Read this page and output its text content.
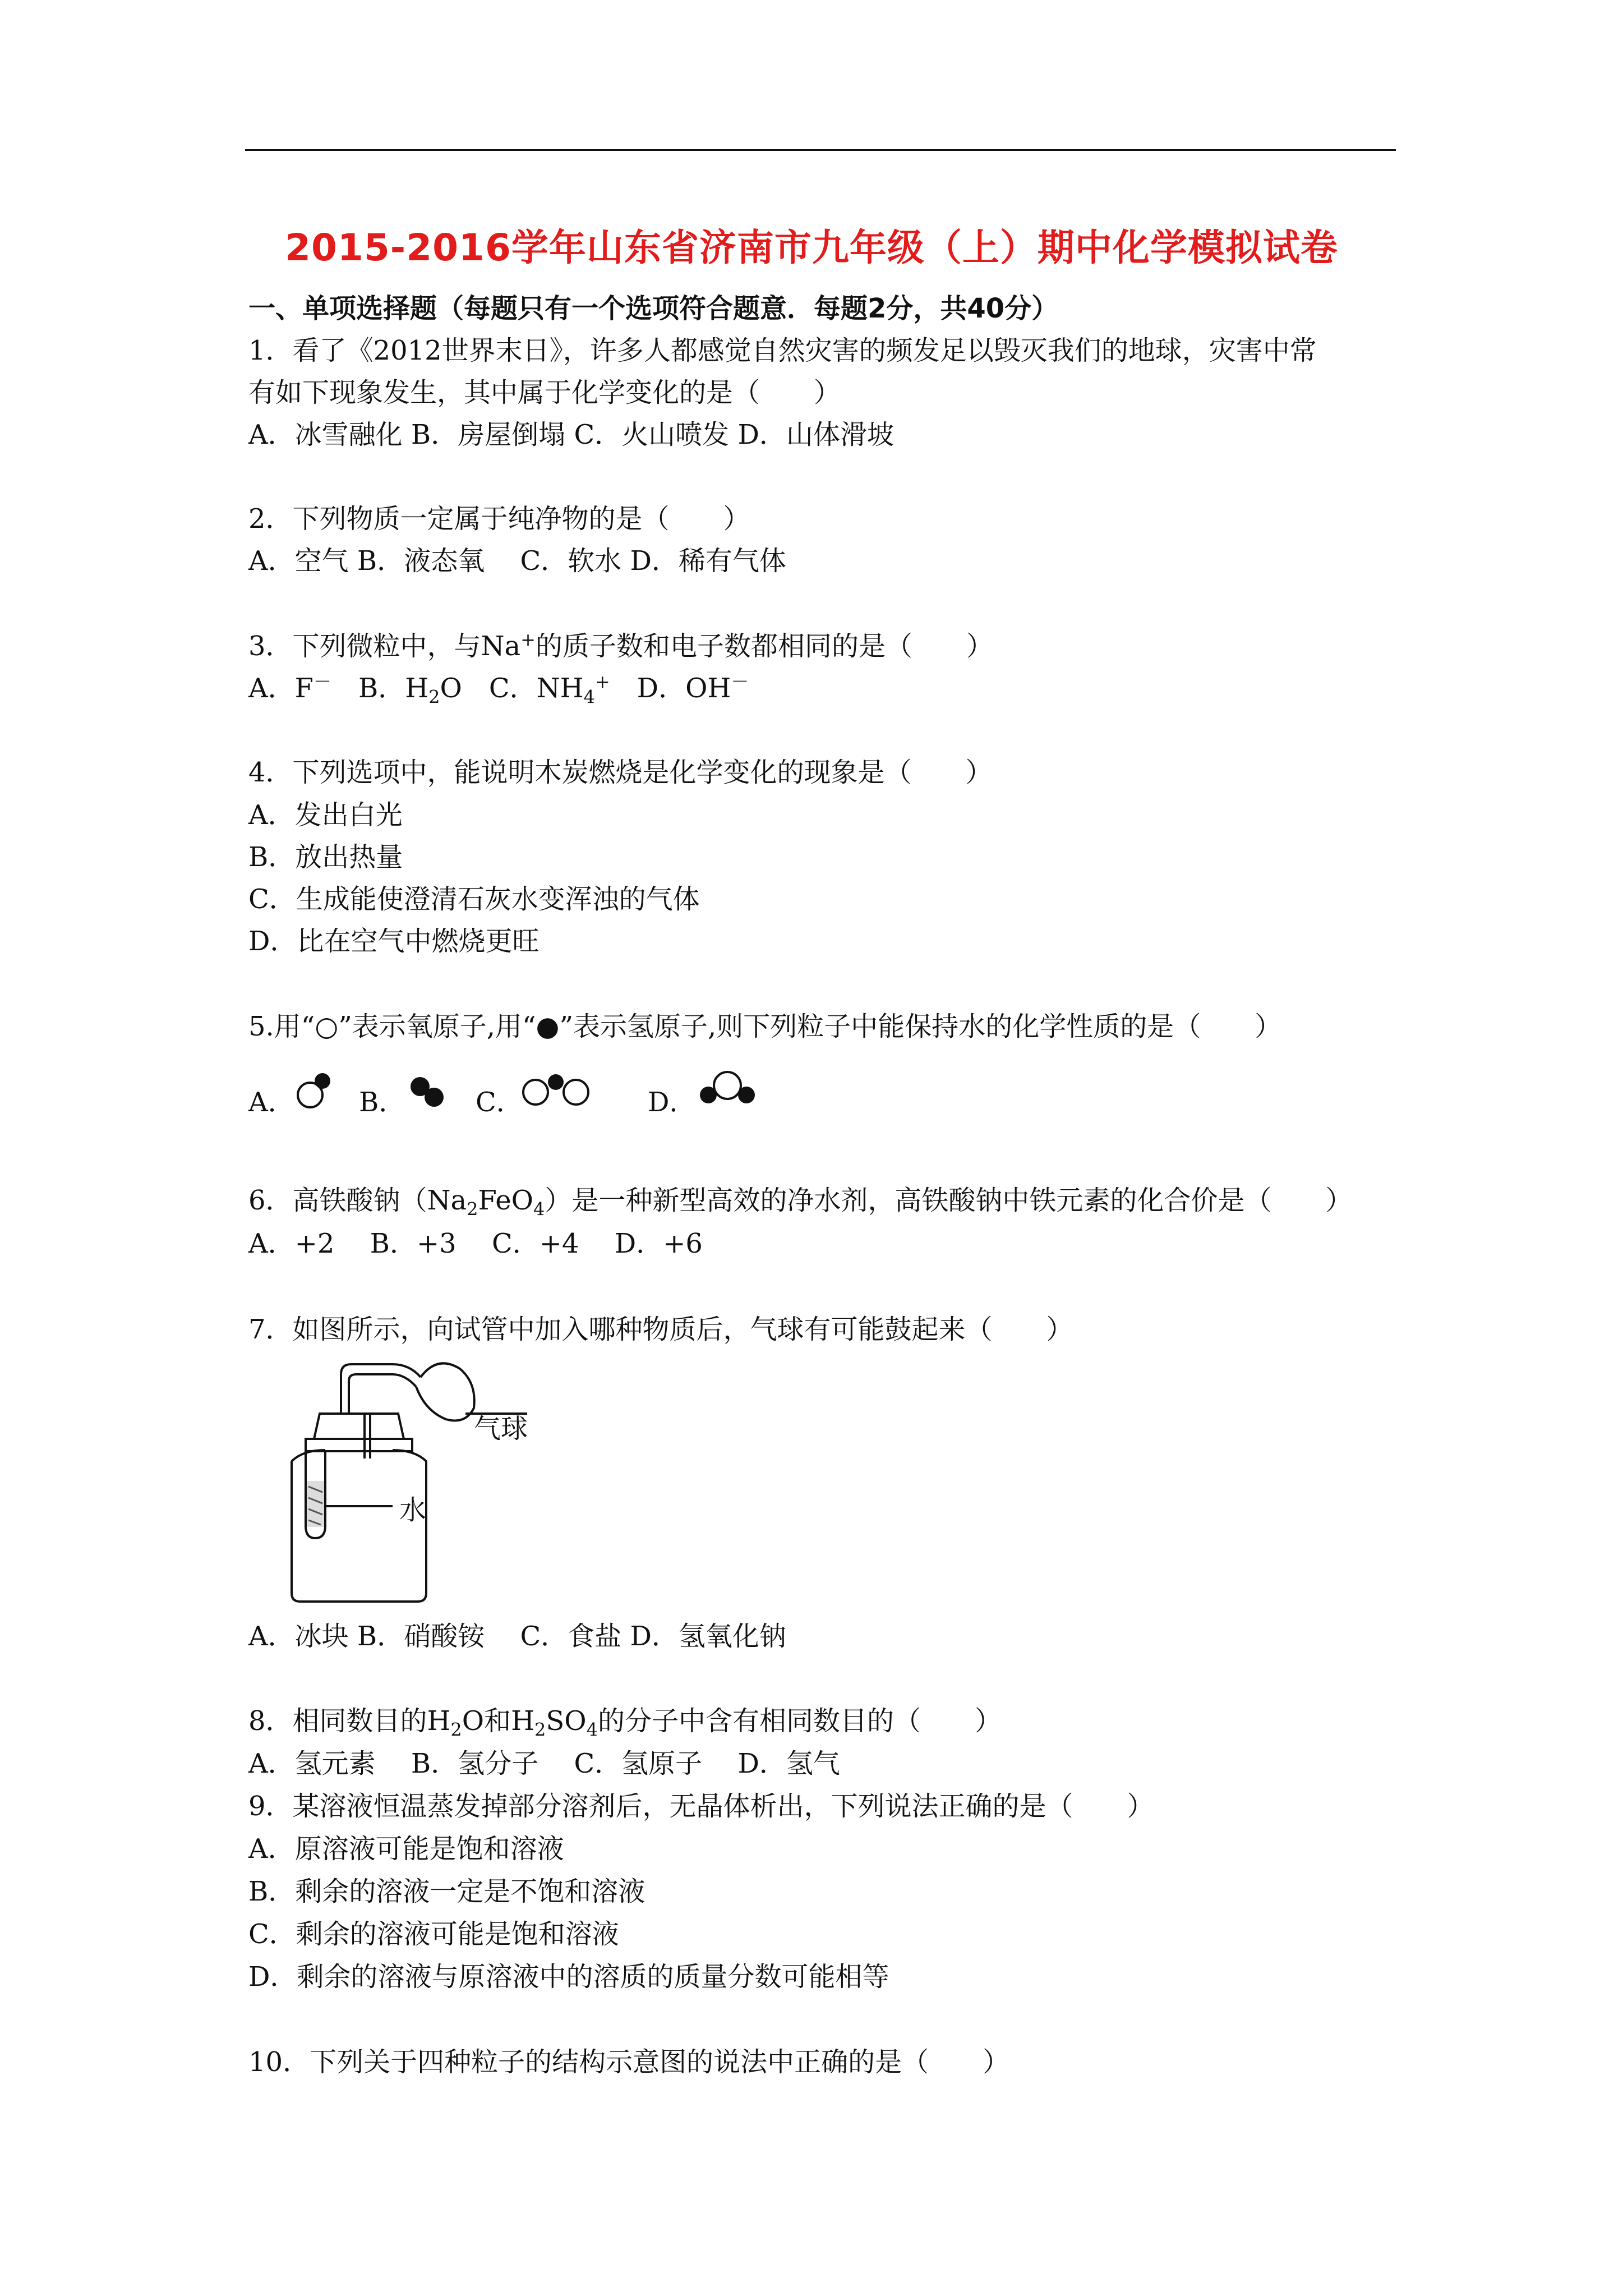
2015-2016学年山东省济南市九年级（上）期中化学模拟试卷
一、单项选择题（每题只有一个选项符合题意．每题2分，共40分）
1．看了《2012世界末日》，许多人都感觉自然灾害的频发足以毁灭我们的地球，灾害中常
有如下现象发生，其中属于化学变化的是（　　）
A．冰雪融化 B．房屋倒塌 C．火山喷发 D．山体滑坡
2．下列物质一定属于纯净物的是（　　）
A．空气 B．液态氧　 C．软水 D．稀有气体
3．下列微粒中，与Na+的质子数和电子数都相同的是（　　）
A．F－　B．$H_2O$　C．$NH_4^+$　D．OH－
4．下列选项中，能说明木炭燃烧是化学变化的现象是（　　）
A．发出白光
B．放出热量
C．生成能使澄清石灰水变浑浊的气体
D．比在空气中燃烧更旺
5.用“○”表示氧原子,用“●”表示氢原子,则下列粒子中能保持水的化学性质的是（　　）
A． B．	C．	D．
6．高铁酸钠$(Na_2FeO_4)$是一种新型高效的净水剂，高铁酸钠中铁元素的化合价是（　　）
A．+2　 B．+3　 C．+4　 D．+6
7．如图所示，向试管中加入哪种物质后，气球有可能鼓起来（　　）
气球
水
A．冰块 B．硝酸铵　 C．食盐 D．氢氧化钠
8．相同数目的$H_2O$和$H_2SO_4$的分子中含有相同数目的（　　）
A．氢元素　 B．氢分子　 C．氢原子　 D．氢气
9．某溶液恒温蒸发掉部分溶剂后，无晶体析出，下列说法正确的是（　　）
A．原溶液可能是饱和溶液
B．剩余的溶液一定是不饱和溶液
C．剩余的溶液可能是饱和溶液
D．剩余的溶液与原溶液中的溶质的质量分数可能相等
10．下列关于四种粒子的结构示意图的说法中正确的是（　　）
